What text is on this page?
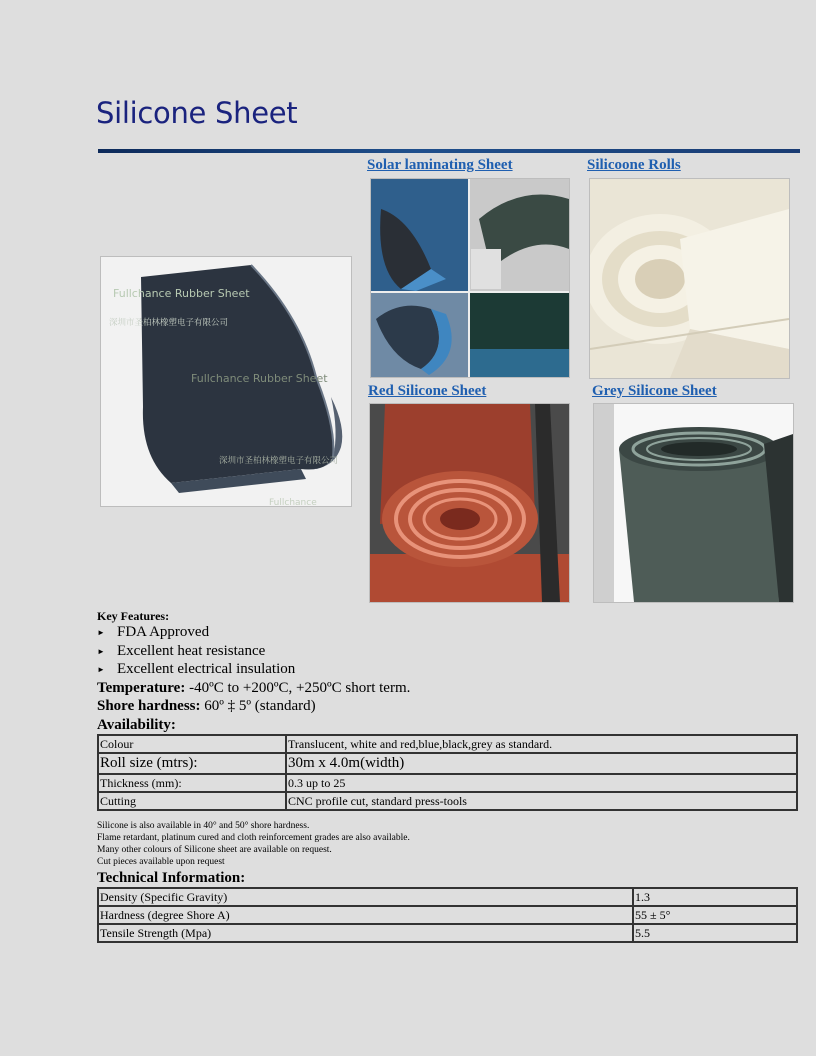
Silicone Sheet
Fullchance Rubber Sheet
深圳市圣柏林橡塑电子有限公司
Fullchance Rubber Sheet
深圳市圣柏林橡塑电子有限公司
Fullchance
Solar laminating Sheet	Silicoone Rolls
Red Silicone Sheet	Grey Silicone Sheet
Key Features:
► FDA Approved
► Excellent heat resistance
► Excellent electrical insulation
Temperature: -40ºC to +200ºC, +250ºC short term.
Shore hardness: 60º ‡ 5º (standard)
Availability:
Colour	Translucent, white and red,blue,black,grey as standard.
Roll size (mtrs):	30m x 4.0m(width)
Thickness (mm):	0.3 up to 25
Cutting	CNC profile cut, standard press-tools
Silicone is also available in 40° and 50° shore hardness.
Flame retardant, platinum cured and cloth reinforcement grades are also available.
Many other colours of Silicone sheet are available on request.
Cut pieces available upon request
Technical Information:
Density (Specific Gravity)	1.3
Hardness (degree Shore A)	55 ± 5°
Tensile Strength (Mpa)	5.5
